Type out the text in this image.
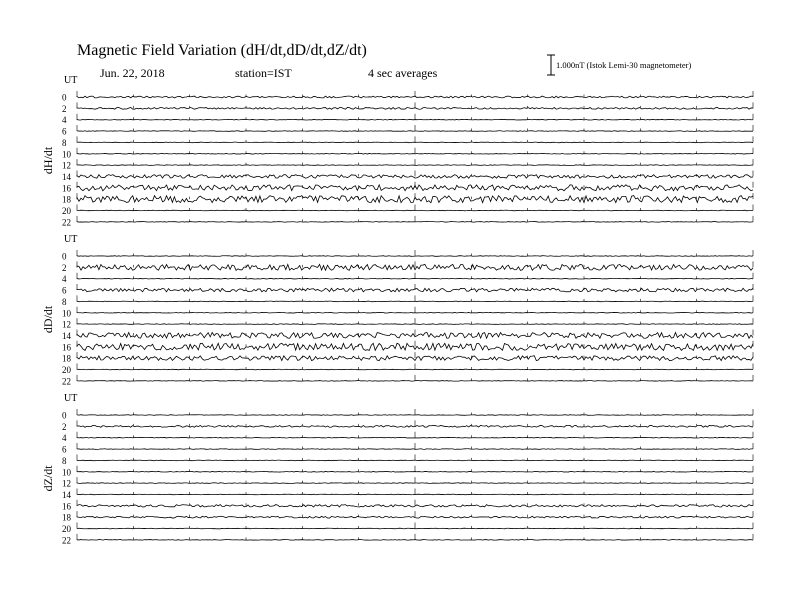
Magnetic Field Variation (dH/dt,dD/dt,dZ/dt)
Jun. 22, 2018	station=IST	4 sec averages
1.000nT (Istok Lemi-30 magnetometer)
UT
dH/dt
0
2
4
6
8
10
12
14
16
18
20
22
UT
dD/dt
0
2
4
6
8
10
12
14
16
18
20
22
UT
dZ/dt
0
2
4
6
8
10
12
14
16
18
20
22
